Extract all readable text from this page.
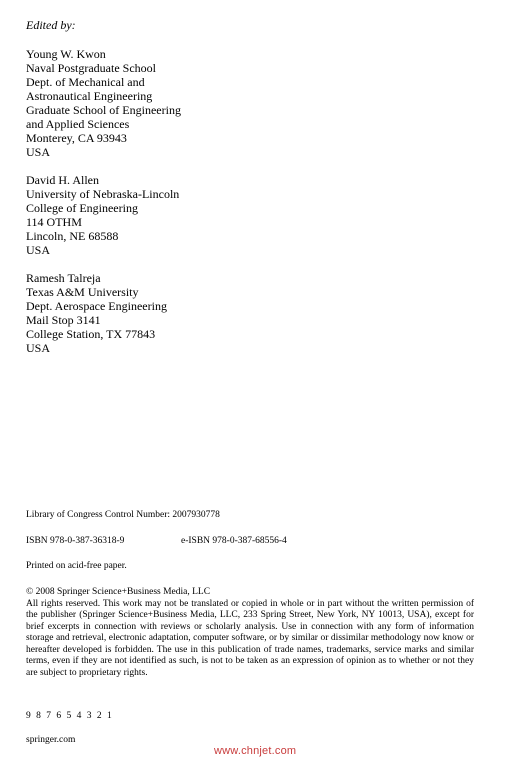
Edited by:
Young W. Kwon
Naval Postgraduate School
Dept. of Mechanical and
Astronautical Engineering
Graduate School of Engineering
and Applied Sciences
Monterey, CA 93943
USA
David H. Allen
University of Nebraska-Lincoln
College of Engineering
114 OTHM
Lincoln, NE 68588
USA
Ramesh Talreja
Texas A&M University
Dept. Aerospace Engineering
Mail Stop 3141
College Station, TX 77843
USA
Library of Congress Control Number: 2007930778
ISBN 978-0-387-36318-9	e-ISBN 978-0-387-68556-4
Printed on acid-free paper.
© 2008 Springer Science+Business Media, LLC
All rights reserved. This work may not be translated or copied in whole or in part without the written permission of the publisher (Springer Science+Business Media, LLC, 233 Spring Street, New York, NY 10013, USA), except for brief excerpts in connection with reviews or scholarly analysis. Use in connection with any form of information storage and retrieval, electronic adaptation, computer software, or by similar or dissimilar methodology now know or hereafter developed is forbidden. The use in this publication of trade names, trademarks, service marks and similar terms, even if they are not identified as such, is not to be taken as an expression of opinion as to whether or not they are subject to proprietary rights.
9 8 7 6 5 4 3 2 1
springer.com
www.chnjet.com
